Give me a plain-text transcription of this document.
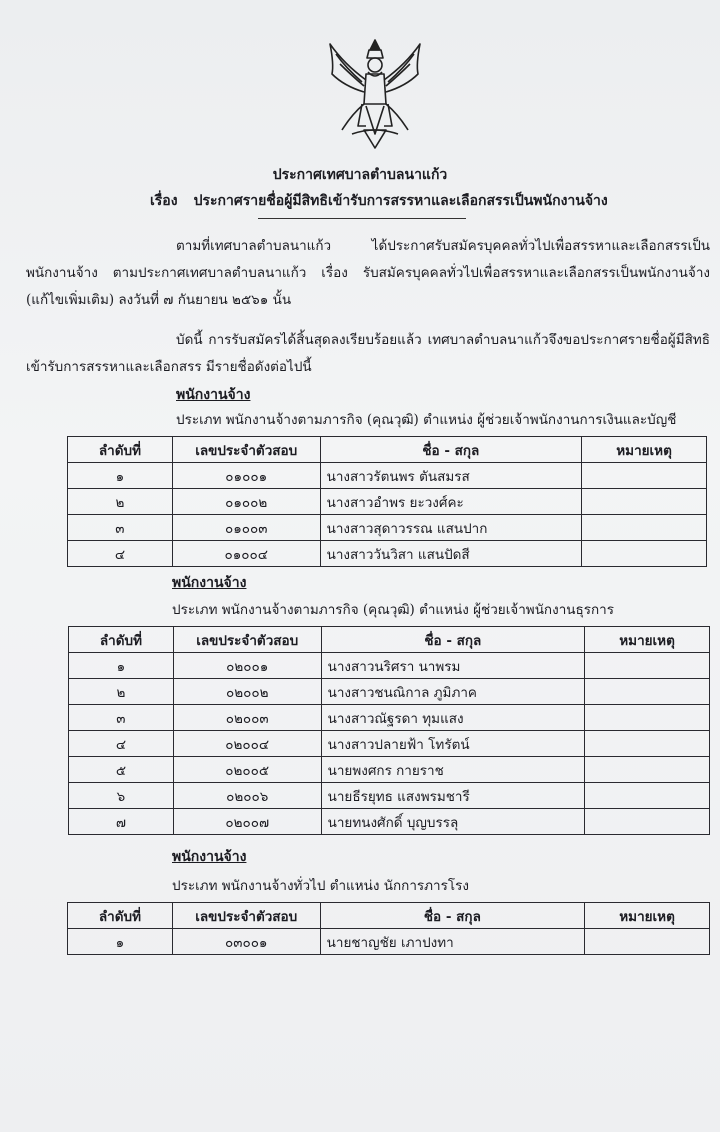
ประกาศเทศบาลตำบลนาแก้ว
เรื่อง ประกาศรายชื่อผู้มีสิทธิเข้ารับการสรรหาและเลือกสรรเป็นพนักงานจ้าง
ตามที่เทศบาลตำบลนาแก้ว ได้ประกาศรับสมัครบุคคลทั่วไปเพื่อสรรหาและเลือกสรรเป็นพนักงานจ้าง ตามประกาศเทศบาลตำบลนาแก้ว เรื่อง รับสมัครบุคคลทั่วไปเพื่อสรรหาและเลือกสรรเป็นพนักงานจ้าง (แก้ไขเพิ่มเติม) ลงวันที่ ๗ กันยายน ๒๕๖๑ นั้น
บัดนี้ การรับสมัครได้สิ้นสุดลงเรียบร้อยแล้ว เทศบาลตำบลนาแก้วจึงขอประกาศรายชื่อผู้มีสิทธิเข้ารับการสรรหาและเลือกสรร มีรายชื่อดังต่อไปนี้
พนักงานจ้าง
ประเภท พนักงานจ้างตามภารกิจ (คุณวุฒิ) ตำแหน่ง ผู้ช่วยเจ้าพนักงานการเงินและบัญชี
ลำดับที่	เลขประจำตัวสอบ	ชื่อ - สกุล	หมายเหตุ
๑	๐๑๐๐๑	นางสาวรัตนพร ตันสมรส	
๒	๐๑๐๐๒	นางสาวอำพร ยะวงศ์คะ	
๓	๐๑๐๐๓	นางสาวสุดาวรรณ แสนปาก	
๔	๐๑๐๐๔	นางสาววันวิสา แสนปัดสี	
พนักงานจ้าง
ประเภท พนักงานจ้างตามภารกิจ (คุณวุฒิ) ตำแหน่ง ผู้ช่วยเจ้าพนักงานธุรการ
ลำดับที่	เลขประจำตัวสอบ	ชื่อ - สกุล	หมายเหตุ
๑	๐๒๐๐๑	นางสาวนริศรา นาพรม	
๒	๐๒๐๐๒	นางสาวชนณิกาล ภูมิภาค	
๓	๐๒๐๐๓	นางสาวณัฐรดา ทุมแสง	
๔	๐๒๐๐๔	นางสาวปลายฟ้า โทรัตน์	
๕	๐๒๐๐๕	นายพงศกร กายราช	
๖	๐๒๐๐๖	นายธีรยุทธ แสงพรมชารี	
๗	๐๒๐๐๗	นายทนงศักดิ์ บุญบรรลุ	
พนักงานจ้าง
ประเภท พนักงานจ้างทั่วไป ตำแหน่ง นักการภารโรง
ลำดับที่	เลขประจำตัวสอบ	ชื่อ - สกุล	หมายเหตุ
๑	๐๓๐๐๑	นายชาญชัย เภาปงทา	
